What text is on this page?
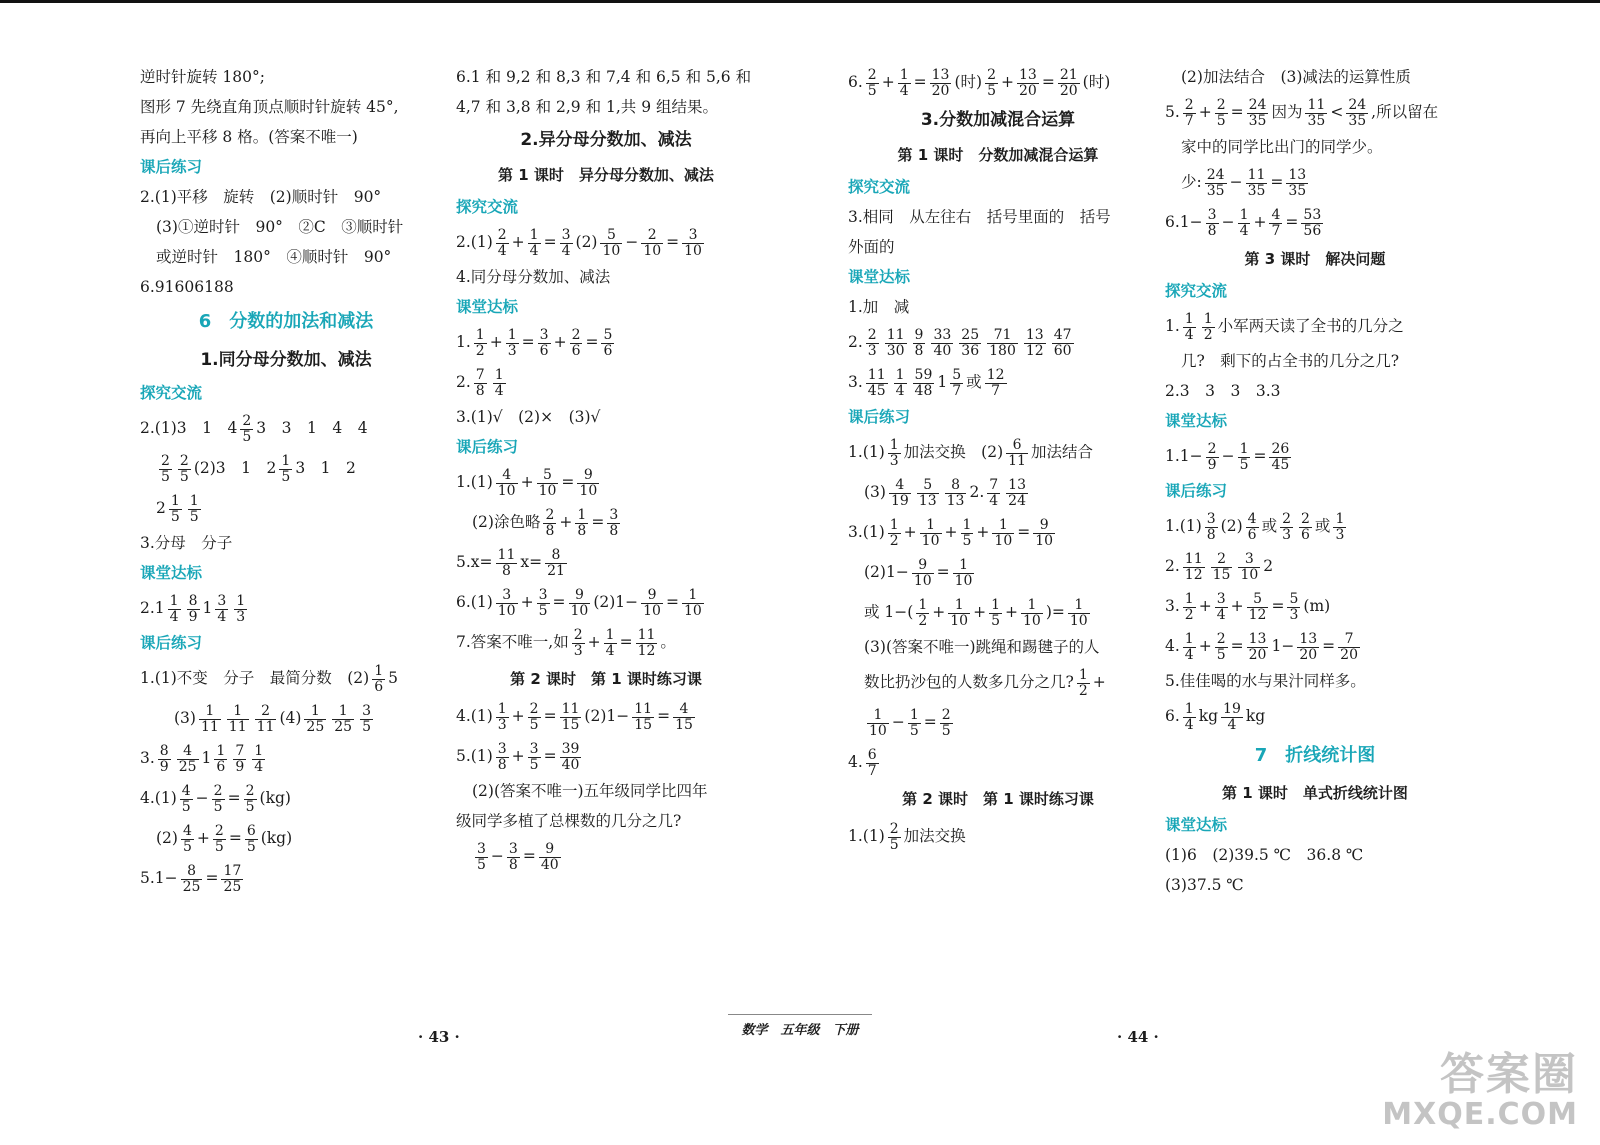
逆时针旋转 180°;
图形 7 先绕直角顶点顺时针旋转 45°,
再向上平移 8 格。(答案不唯一)
课后练习
2.(1)平移　旋转　(2)顺时针　90°
(3)①逆时针　90°　②C　③顺时针
或逆时针　180°　④顺时针　90°
6.91606188
6　分数的加法和减法
1.同分母分数加、减法
探究交流
2.(1)3　1　$4 \frac{2}{5} 3$　3　1　4　4
$\frac{2}{5} \frac{2}{5} (2)3$　1　$2 \frac{1}{5} 3$　1　2
$2 \frac{1}{5} \frac{1}{5}$
3.分母　分子
课堂达标
$2.1 \frac{1}{4} \frac{8}{9} 1 \frac{3}{4} \frac{1}{3}$
课后练习
1.(1)不变　分子　最简分数　$(2) \frac{1}{6} 5$
$(3) \frac{1}{11} \frac{1}{11} \frac{2}{11} (4) \frac{1}{25} \frac{1}{25} \frac{3}{5}$
3. $\frac{8}{9} \frac{4}{25} 1 \frac{1}{6} \frac{7}{9} \frac{1}{4}$
$4.(1) \frac{4}{5} - \frac{2}{5} = \frac{2}{5} (kg)$
$(2) \frac{4}{5} + \frac{2}{5} = \frac{6}{5} (kg)$
$5.1- \frac{8}{25} = \frac{17}{25}$
6.1 和 9,2 和 8,3 和 7,4 和 6,5 和 5,6 和
4,7 和 3,8 和 2,9 和 1,共 9 组结果。
2.异分母分数加、减法
第 1 课时　异分母分数加、减法
探究交流
$2.(1) \frac{2}{4} + \frac{1}{4} = \frac{3}{4} (2) \frac{5}{10} - \frac{2}{10} = \frac{3}{10}$
4.同分母分数加、减法
课堂达标
1. $\frac{1}{2} + \frac{1}{3} = \frac{3}{6} + \frac{2}{6} = \frac{5}{6}$
2. $\frac{7}{8} \frac{1}{4}$
3.(1)√　(2)×　(3)√
课后练习
$1.(1) \frac{4}{10} + \frac{5}{10} = \frac{9}{10}$
(2)涂色略 $\frac{2}{8} + \frac{1}{8} = \frac{3}{8}$
$5.x= \frac{11}{8} x= \frac{8}{21}$
$6.(1) \frac{3}{10} + \frac{3}{5} = \frac{9}{10} (2)1- \frac{9}{10} = \frac{1}{10}$
7.答案不唯一,如 $\frac{2}{3} + \frac{1}{4} = \frac{11}{12}$ 。
第 2 课时　第 1 课时练习课
$4.(1) \frac{1}{3} + \frac{2}{5} = \frac{11}{15} (2)1- \frac{11}{15} = \frac{4}{15}$
$5.(1) \frac{3}{8} + \frac{3}{5} = \frac{39}{40}$
(2)(答案不唯一)五年级同学比四年
级同学多植了总棵数的几分之几?
$\frac{3}{5} - \frac{3}{8} = \frac{9}{40}$
6. $\frac{2}{5} + \frac{1}{4} = \frac{13}{20}$ (时) $\frac{2}{5} + \frac{13}{20} = \frac{21}{20}$ (时)
3.分数加减混合运算
第 1 课时　分数加减混合运算
探究交流
3.相同　从左往右　括号里面的　括号
外面的
课堂达标
1.加　减
2. $\frac{2}{3} \frac{11}{30} \frac{9}{8} \frac{33}{40} \frac{25}{36} \frac{71}{180} \frac{13}{12} \frac{47}{60}$
3. $\frac{11}{45} \frac{1}{4} \frac{59}{48} 1 \frac{5}{7}$ 或 $\frac{12}{7}$
课后练习
$1.(1) \frac{1}{3}$ 加法交换　$(2) \frac{6}{11}$ 加法结合
$(3) \frac{4}{19} \frac{5}{13} \frac{8}{13} 2$. $\frac{7}{4} \frac{13}{24}$
$3.(1) \frac{1}{2} + \frac{1}{10} + \frac{1}{5} + \frac{1}{10} = \frac{9}{10}$
$(2)1- \frac{9}{10} = \frac{1}{10}$
或 $1-( \frac{1}{2} + \frac{1}{10} + \frac{1}{5} + \frac{1}{10}$ )= $\frac{1}{10}$
(3)(答案不唯一)跳绳和踢毽子的人
数比扔沙包的人数多几分之几? $\frac{1}{2}$ +
$\frac{1}{10} - \frac{1}{5} = \frac{2}{5}$
4. $\frac{6}{7}$
第 2 课时　第 1 课时练习课
$1.(1) \frac{2}{5}$ 加法交换
(2)加法结合　(3)减法的运算性质
5. $\frac{2}{7} + \frac{2}{5} = \frac{24}{35}$ 因为 $\frac{11}{35} < \frac{24}{35}$ ,所以留在
家中的同学比出门的同学少。
少: $\frac{24}{35} - \frac{11}{35} = \frac{13}{35}$
$6.1- \frac{3}{8} - \frac{1}{4} + \frac{4}{7} = \frac{53}{56}$
第 3 课时　解决问题
探究交流
1. $\frac{1}{4} \frac{1}{2}$ 小军两天读了全书的几分之
几?　剩下的占全书的几分之几?
2.3　3　3　3.3
课堂达标
$1.1- \frac{2}{9} - \frac{1}{5} = \frac{26}{45}$
课后练习
$1.(1) \frac{3}{8} (2) \frac{4}{6}$ 或 $\frac{2}{3} \frac{2}{6}$ 或 $\frac{1}{3}$
2. $\frac{11}{12} \frac{2}{15} \frac{3}{10} 2$
3. $\frac{1}{2} + \frac{3}{4} + \frac{5}{12} = \frac{5}{3} (m)$
4. $\frac{1}{4} + \frac{2}{5} = \frac{13}{20} 1- \frac{13}{20} = \frac{7}{20}$
5.佳佳喝的水与果汁同样多。
6. $\frac{1}{4}$ kg $\frac{19}{4}$ kg
7　折线统计图
第 1 课时　单式折线统计图
课堂达标
(1)6　(2)39.5 ℃　36.8 ℃
(3)37.5 ℃
· 43 ·	数学　五年级　下册	· 44 ·
答案圈
MXQE.COM
